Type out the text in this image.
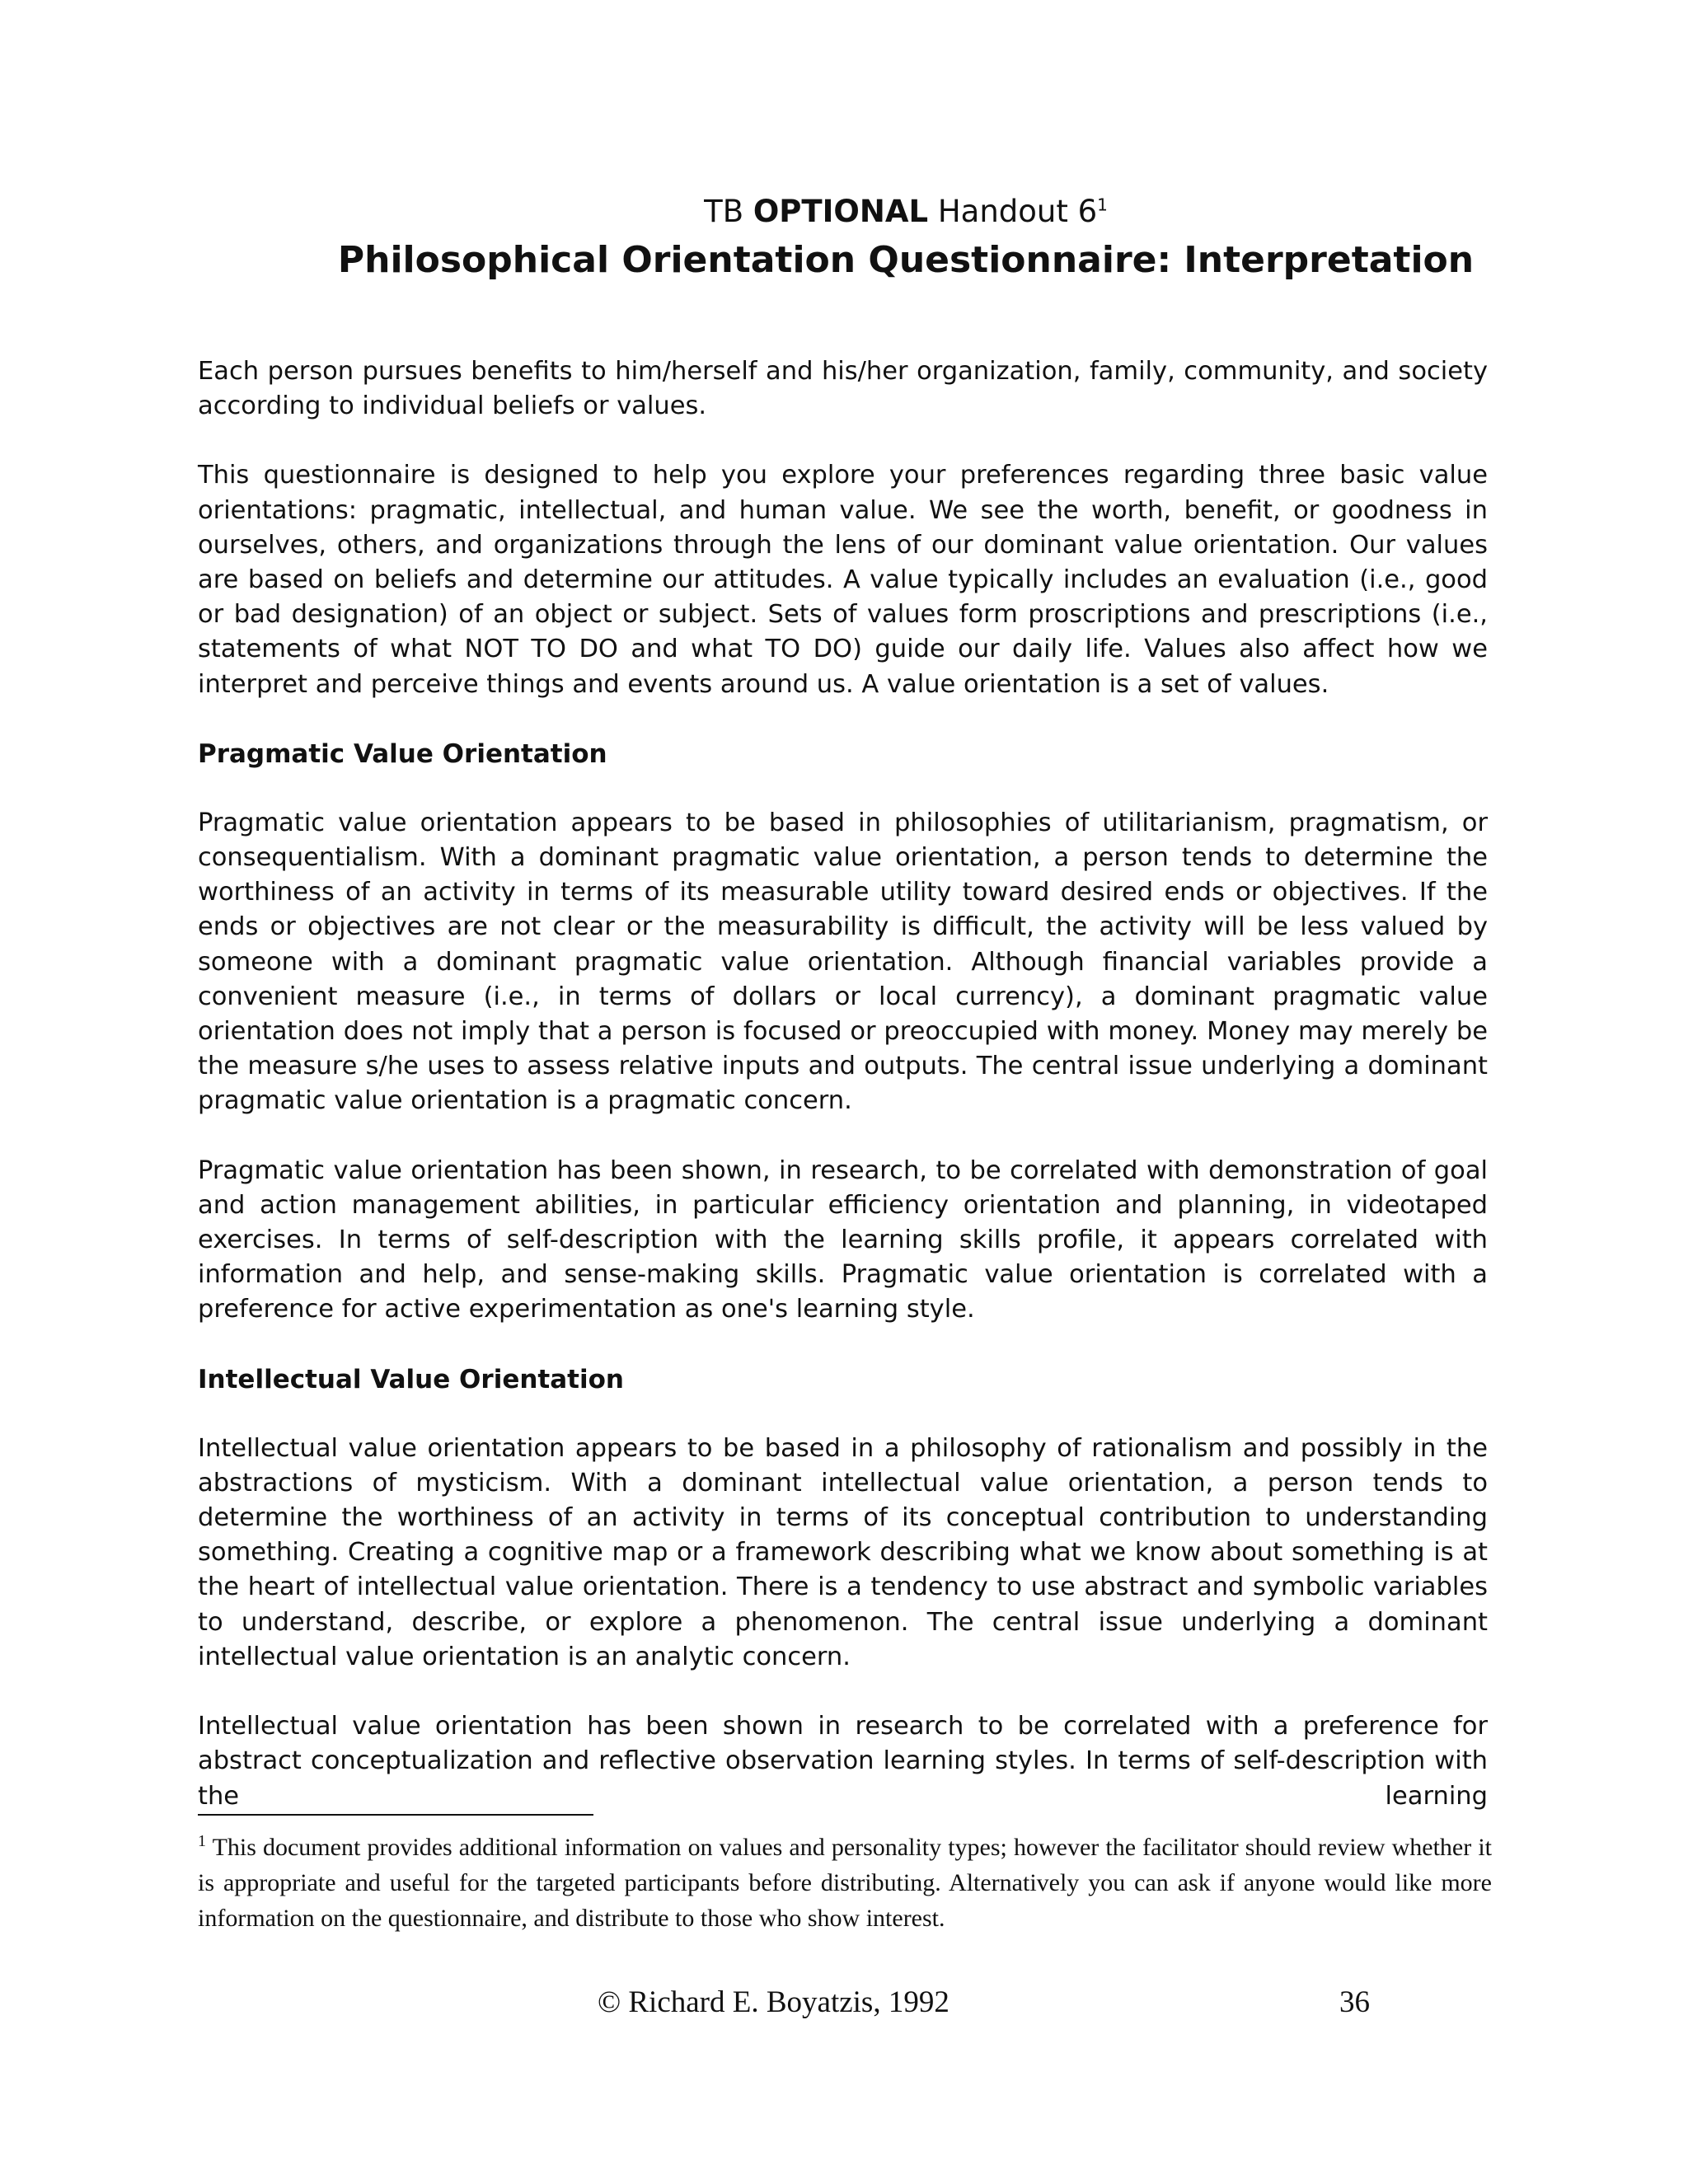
TB OPTIONAL Handout $6^1$
Philosophical Orientation Questionnaire: Interpretation

Each person pursues benefits to him/herself and his/her organization, family, community, and society according to individual beliefs or values.

This questionnaire is designed to help you explore your preferences regarding three basic value orientations: pragmatic, intellectual, and human value. We see the worth, benefit, or goodness in ourselves, others, and organizations through the lens of our dominant value orientation. Our values are based on beliefs and determine our attitudes. A value typically includes an evaluation (i.e., good or bad designation) of an object or subject. Sets of values form proscriptions and prescriptions (i.e., statements of what NOT TO DO and what TO DO) guide our daily life. Values also affect how we interpret and perceive things and events around us. A value orientation is a set of values.

Pragmatic Value Orientation

Pragmatic value orientation appears to be based in philosophies of utilitarianism, pragmatism, or consequentialism. With a dominant pragmatic value orientation, a person tends to determine the worthiness of an activity in terms of its measurable utility toward desired ends or objectives. If the ends or objectives are not clear or the measurability is difficult, the activity will be less valued by someone with a dominant pragmatic value orientation. Although financial variables provide a convenient measure (i.e., in terms of dollars or local currency), a dominant pragmatic value orientation does not imply that a person is focused or preoccupied with money. Money may merely be the measure s/he uses to assess relative inputs and outputs. The central issue underlying a dominant pragmatic value orientation is a pragmatic concern.

Pragmatic value orientation has been shown, in research, to be correlated with demonstration of goal and action management abilities, in particular efficiency orientation and planning, in videotaped exercises. In terms of self-description with the learning skills profile, it appears correlated with information and help, and sense-making skills. Pragmatic value orientation is correlated with a preference for active experimentation as one's learning style.

Intellectual Value Orientation

Intellectual value orientation appears to be based in a philosophy of rationalism and possibly in the abstractions of mysticism. With a dominant intellectual value orientation, a person tends to determine the worthiness of an activity in terms of its conceptual contribution to understanding something. Creating a cognitive map or a framework describing what we know about something is at the heart of intellectual value orientation. There is a tendency to use abstract and symbolic variables to understand, describe, or explore a phenomenon. The central issue underlying a dominant intellectual value orientation is an analytic concern.

Intellectual value orientation has been shown in research to be correlated with a preference for abstract conceptualization and reflective observation learning styles. In terms of self-description with the learning

$^1$ This document provides additional information on values and personality types; however the facilitator should review whether it is appropriate and useful for the targeted participants before distributing. Alternatively you can ask if anyone would like more information on the questionnaire, and distribute to those who show interest.
© Richard E. Boyatzis, 1992	36
